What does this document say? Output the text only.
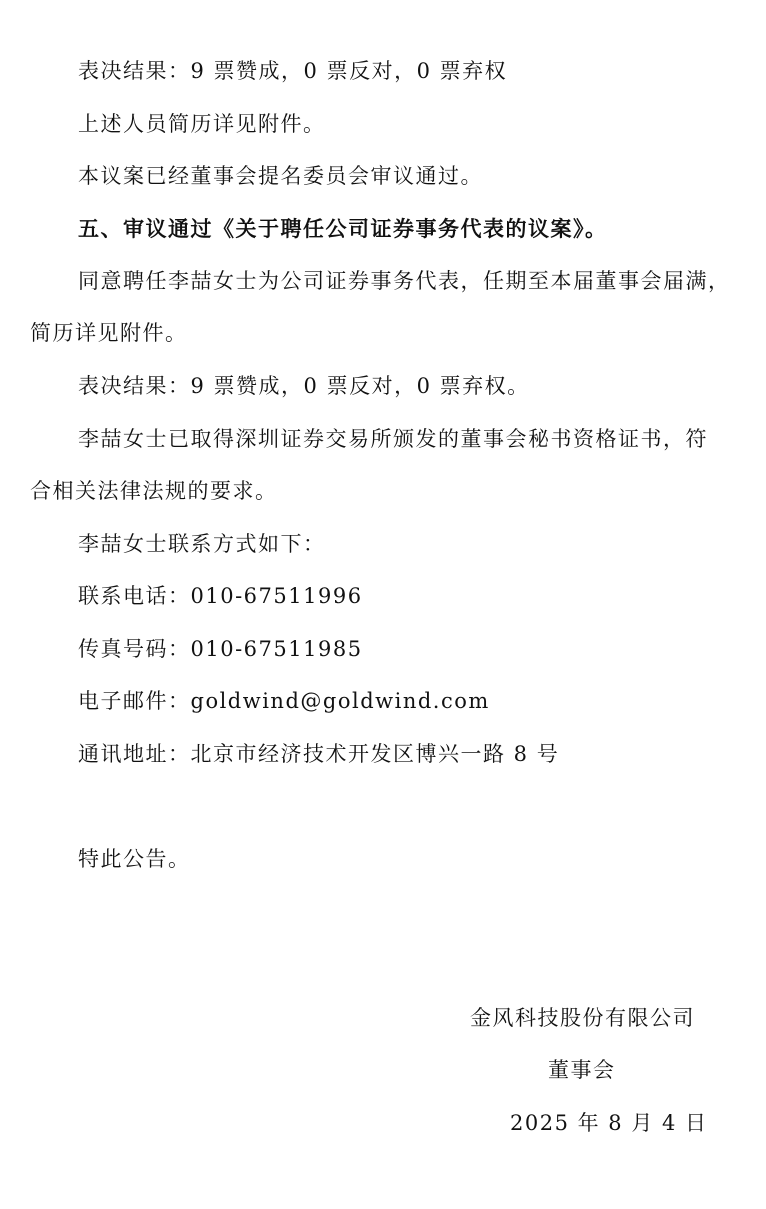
表决结果：9 票赞成，0 票反对，0 票弃权
上述人员简历详见附件。
本议案已经董事会提名委员会审议通过。
五、审议通过《关于聘任公司证券事务代表的议案》。
同意聘任李喆女士为公司证券事务代表，任期至本届董事会届满，
简历详见附件。
表决结果：9 票赞成，0 票反对，0 票弃权。
李喆女士已取得深圳证券交易所颁发的董事会秘书资格证书，符
合相关法律法规的要求。
李喆女士联系方式如下：
联系电话：010-67511996
传真号码：010-67511985
电子邮件：goldwind@goldwind.com
通讯地址：北京市经济技术开发区博兴一路 8 号
特此公告。
金风科技股份有限公司
董事会
2025 年 8 月 4 日
